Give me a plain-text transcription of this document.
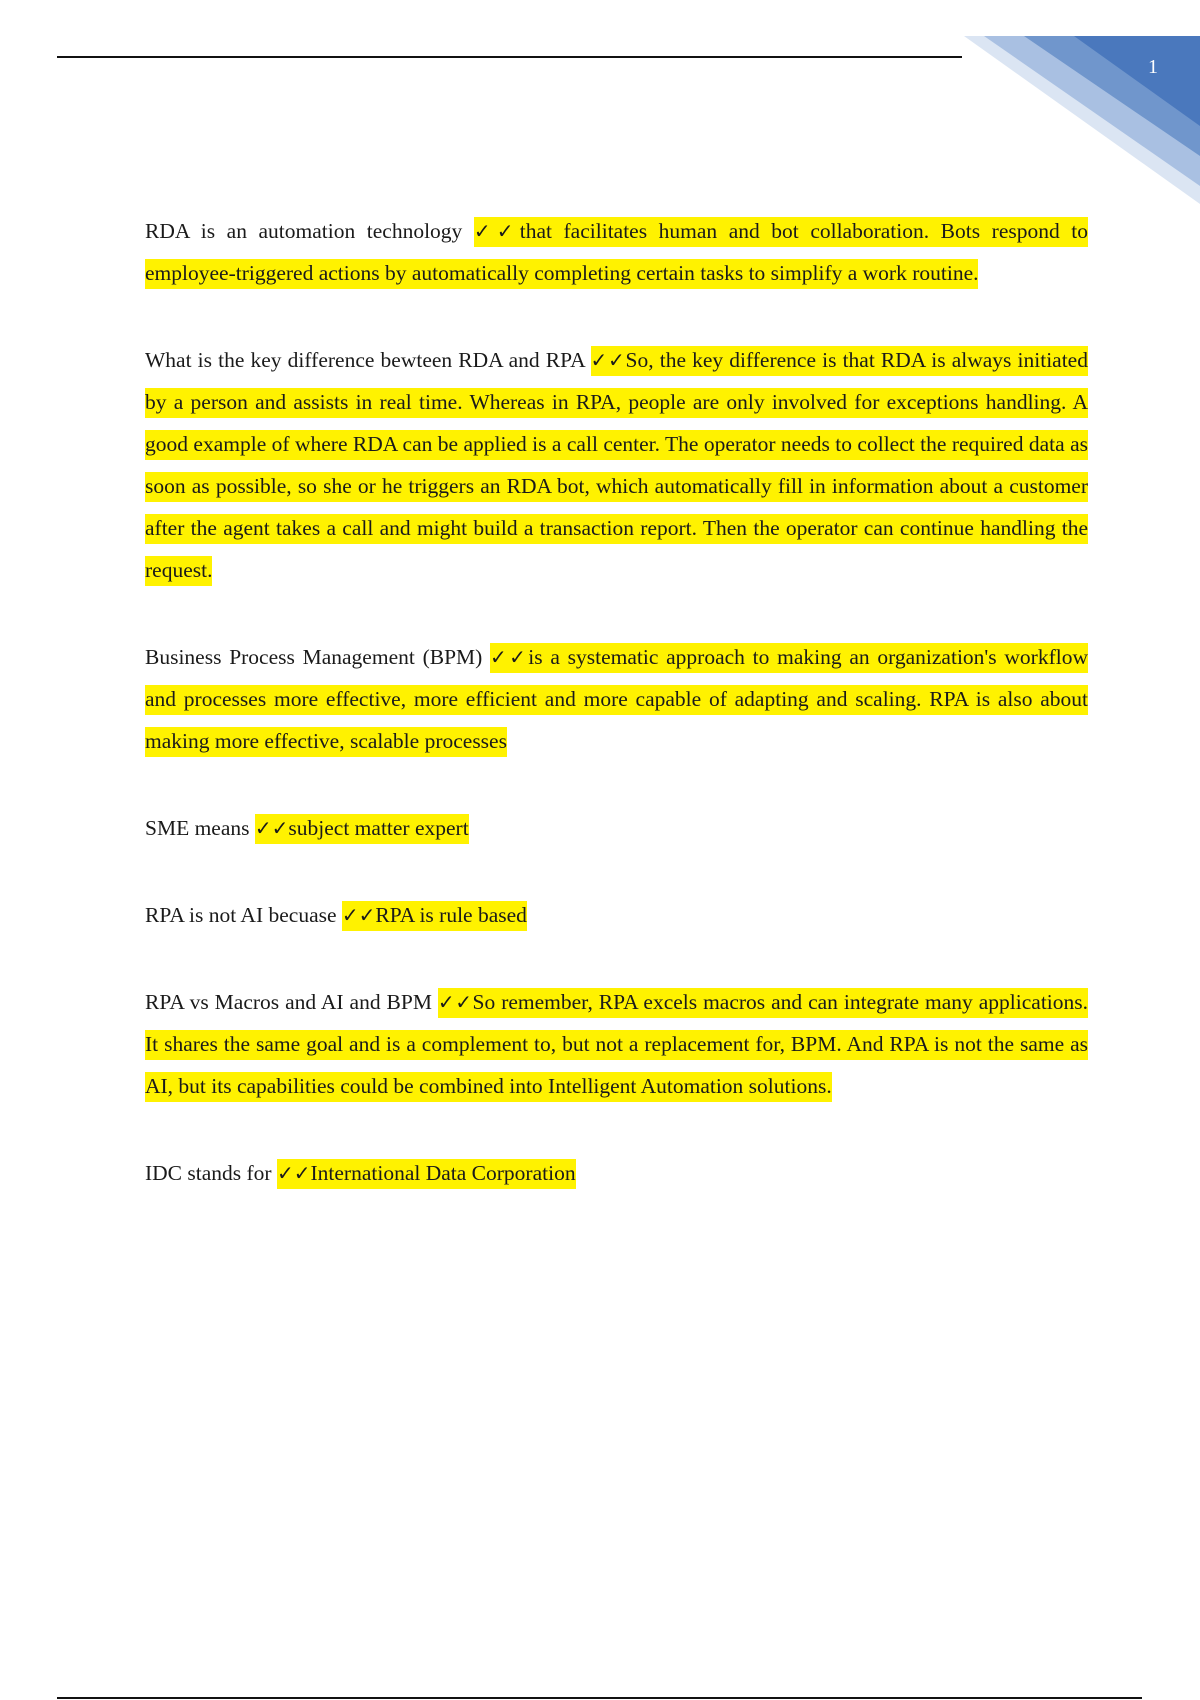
1

RDA is an automation technology ✓✓that facilitates human and bot collaboration. Bots respond to employee-triggered actions by automatically completing certain tasks to simplify a work routine.

What is the key difference bewteen RDA and RPA ✓✓So, the key difference is that RDA is always initiated by a person and assists in real time. Whereas in RPA, people are only involved for exceptions handling. A good example of where RDA can be applied is a call center. The operator needs to collect the required data as soon as possible, so she or he triggers an RDA bot, which automatically fill in information about a customer after the agent takes a call and might build a transaction report. Then the operator can continue handling the request.

Business Process Management (BPM) ✓✓is a systematic approach to making an organization's workflow and processes more effective, more efficient and more capable of adapting and scaling. RPA is also about making more effective, scalable processes

SME means ✓✓subject matter expert

RPA is not AI becuase ✓✓RPA is rule based

RPA vs Macros and AI and BPM ✓✓So remember, RPA excels macros and can integrate many applications. It shares the same goal and is a complement to, but not a replacement for, BPM. And RPA is not the same as AI, but its capabilities could be combined into Intelligent Automation solutions.

IDC stands for ✓✓International Data Corporation
